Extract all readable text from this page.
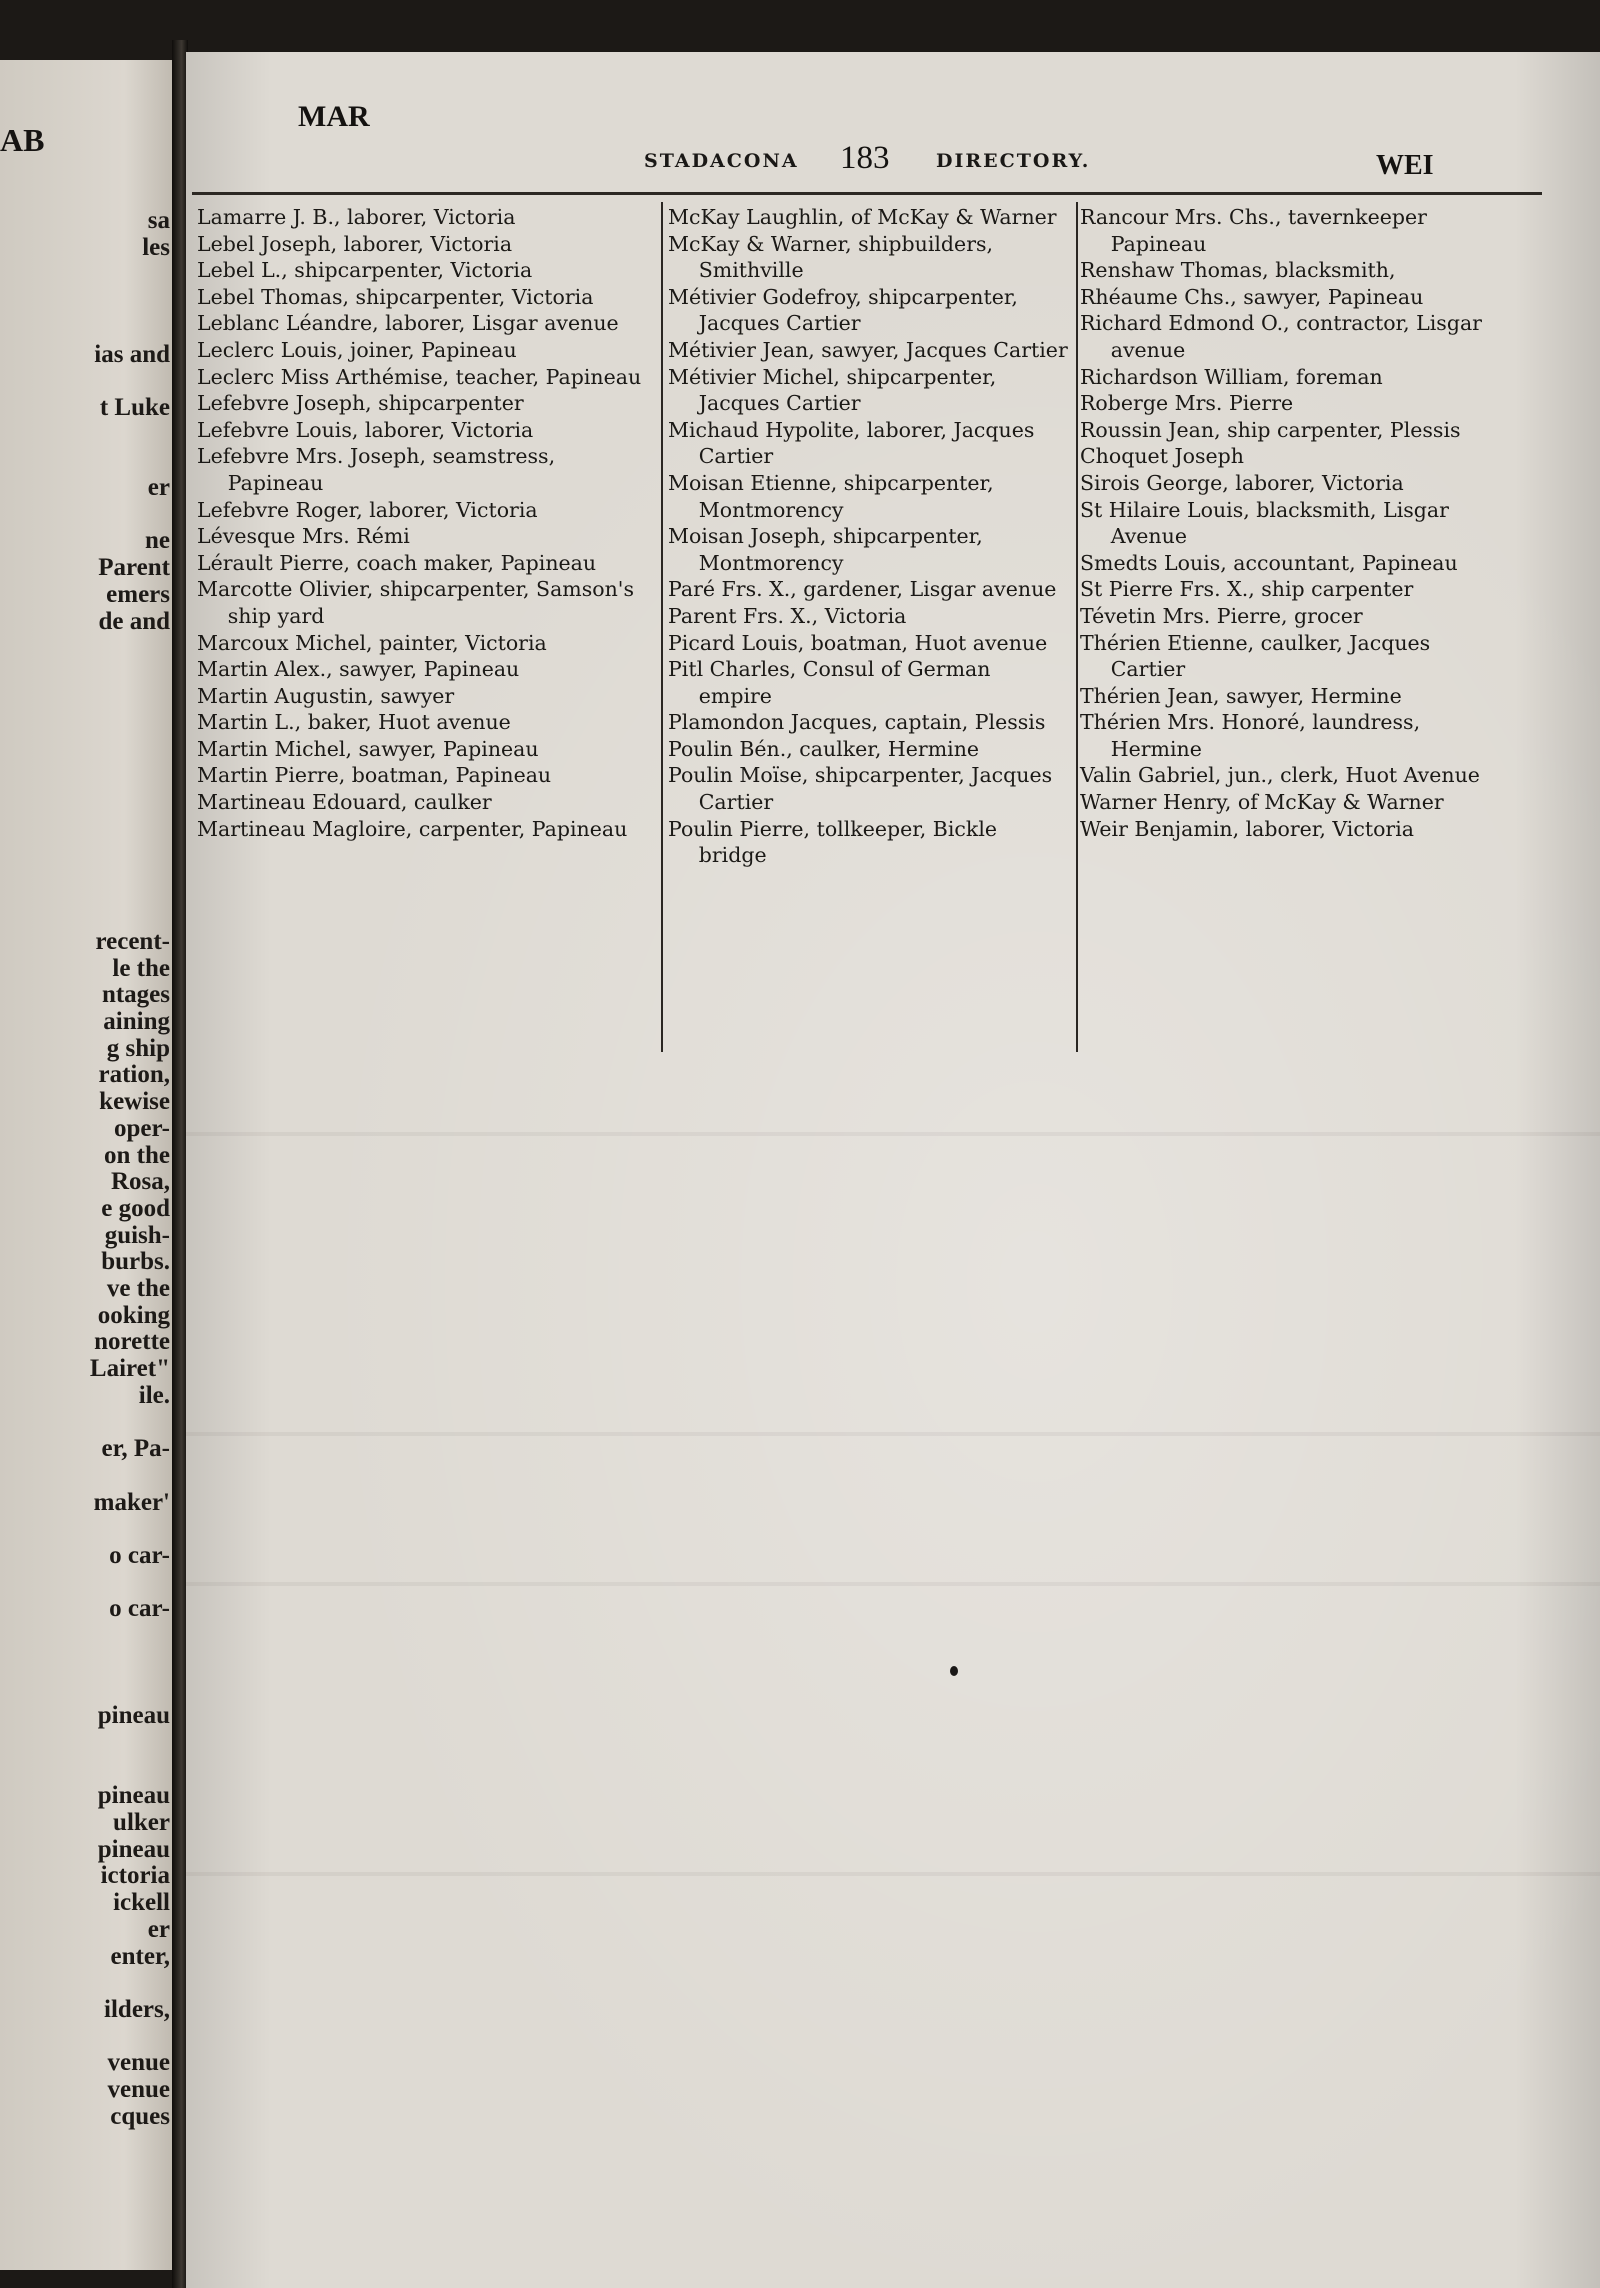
AB
sa
les
ias and
t Luke
er
ne
Parent
emers
de and
recent-
le the
ntages
aining
g ship
ration,
kewise
oper-
on the
Rosa,
e good
guish-
burbs.
ve the
ooking
norette
Lairet"
ile.
er, Pa-
maker'
o car-
o car-
pineau
pineau
ulker
pineau
ictoria
ickell
er
enter,
ilders,
venue
venue
cques
MAR
STADACONA 183 DIRECTORY.	WEI

Lamarre J. B., laborer, Victoria

Lebel Joseph, laborer, Victoria

Lebel L., shipcarpenter, Victoria

Lebel Thomas, shipcarpenter, Victoria

Leblanc Léandre, laborer, Lisgar avenue

Leclerc Louis, joiner, Papineau

Leclerc Miss Arthémise, teacher, Papineau

Lefebvre Joseph, shipcarpenter

Lefebvre Louis, laborer, Victoria

Lefebvre Mrs. Joseph, seamstress, Papineau

Lefebvre Roger, laborer, Victoria

Lévesque Mrs. Rémi

Lérault Pierre, coach maker, Papineau

Marcotte Olivier, shipcarpenter, Samson's ship yard

Marcoux Michel, painter, Victoria

Martin Alex., sawyer, Papineau

Martin Augustin, sawyer

Martin L., baker, Huot avenue

Martin Michel, sawyer, Papineau

Martin Pierre, boatman, Papineau

Martineau Edouard, caulker

Martineau Magloire, carpenter, Papineau

McKay Laughlin, of McKay & Warner

McKay & Warner, shipbuilders, Smithville

Métivier Godefroy, shipcarpenter, Jacques Cartier

Métivier Jean, sawyer, Jacques Cartier

Métivier Michel, shipcarpenter, Jacques Cartier

Michaud Hypolite, laborer, Jacques Cartier

Moisan Etienne, shipcarpenter, Montmorency

Moisan Joseph, shipcarpenter, Montmorency

Paré Frs. X., gardener, Lisgar avenue

Parent Frs. X., Victoria

Picard Louis, boatman, Huot avenue

Pitl Charles, Consul of German empire

Plamondon Jacques, captain, Plessis

Poulin Bén., caulker, Hermine

Poulin Moïse, shipcarpenter, Jacques Cartier

Poulin Pierre, tollkeeper, Bickle bridge

Rancour Mrs. Chs., tavernkeeper Papineau

Renshaw Thomas, blacksmith,

Rhéaume Chs., sawyer, Papineau

Richard Edmond O., contractor, Lisgar avenue

Richardson William, foreman

Roberge Mrs. Pierre

Roussin Jean, ship carpenter, Plessis

Choquet Joseph

Sirois George, laborer, Victoria

St Hilaire Louis, blacksmith, Lisgar Avenue

Smedts Louis, accountant, Papineau

St Pierre Frs. X., ship carpenter

Tévetin Mrs. Pierre, grocer

Thérien Etienne, caulker, Jacques Cartier

Thérien Jean, sawyer, Hermine

Thérien Mrs. Honoré, laundress, Hermine

Valin Gabriel, jun., clerk, Huot Avenue

Warner Henry, of McKay & Warner

Weir Benjamin, laborer, Victoria
